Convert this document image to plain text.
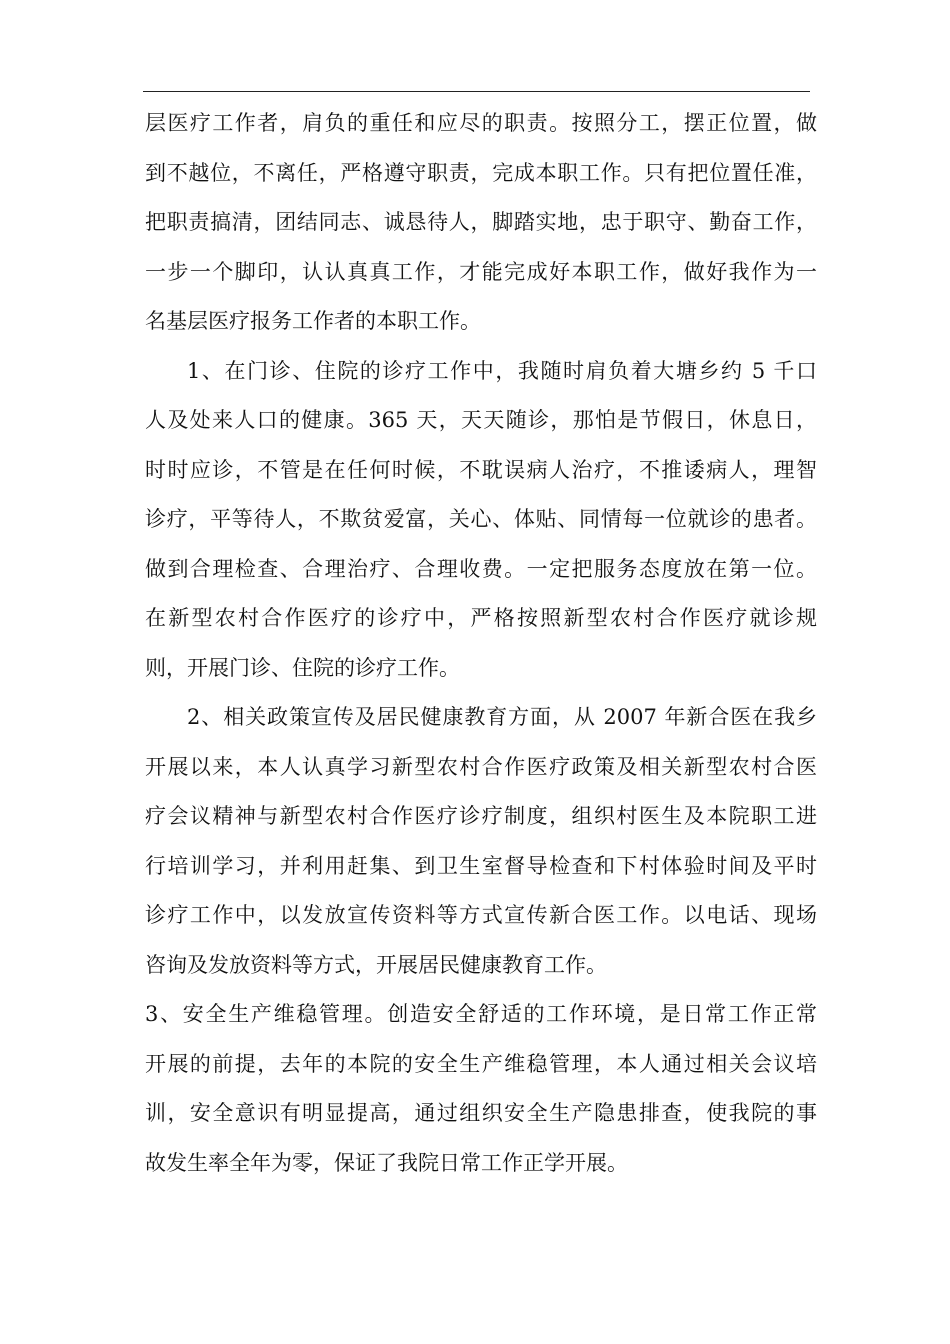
层医疗工作者，肩负的重任和应尽的职责。按照分工，摆正位置，做
到不越位，不离任，严格遵守职责，完成本职工作。只有把位置任准，
把职责搞清，团结同志、诚恳待人，脚踏实地，忠于职守、勤奋工作，
一步一个脚印，认认真真工作，才能完成好本职工作，做好我作为一
名基层医疗报务工作者的本职工作。
1、在门诊、住院的诊疗工作中，我随时肩负着大塘乡约 5 千口
人及处来人口的健康。365 天，天天随诊，那怕是节假日，休息日，
时时应诊，不管是在任何时候，不耽误病人治疗，不推诿病人，理智
诊疗，平等待人，不欺贫爱富，关心、体贴、同情每一位就诊的患者。
做到合理检查、合理治疗、合理收费。一定把服务态度放在第一位。
在新型农村合作医疗的诊疗中，严格按照新型农村合作医疗就诊规
则，开展门诊、住院的诊疗工作。
2、相关政策宣传及居民健康教育方面，从 2007 年新合医在我乡
开展以来，本人认真学习新型农村合作医疗政策及相关新型农村合医
疗会议精神与新型农村合作医疗诊疗制度，组织村医生及本院职工进
行培训学习，并利用赶集、到卫生室督导检查和下村体验时间及平时
诊疗工作中，以发放宣传资料等方式宣传新合医工作。以电话、现场
咨询及发放资料等方式，开展居民健康教育工作。
3、安全生产维稳管理。创造安全舒适的工作环境，是日常工作正常
开展的前提，去年的本院的安全生产维稳管理，本人通过相关会议培
训，安全意识有明显提高，通过组织安全生产隐患排查，使我院的事
故发生率全年为零，保证了我院日常工作正学开展。
